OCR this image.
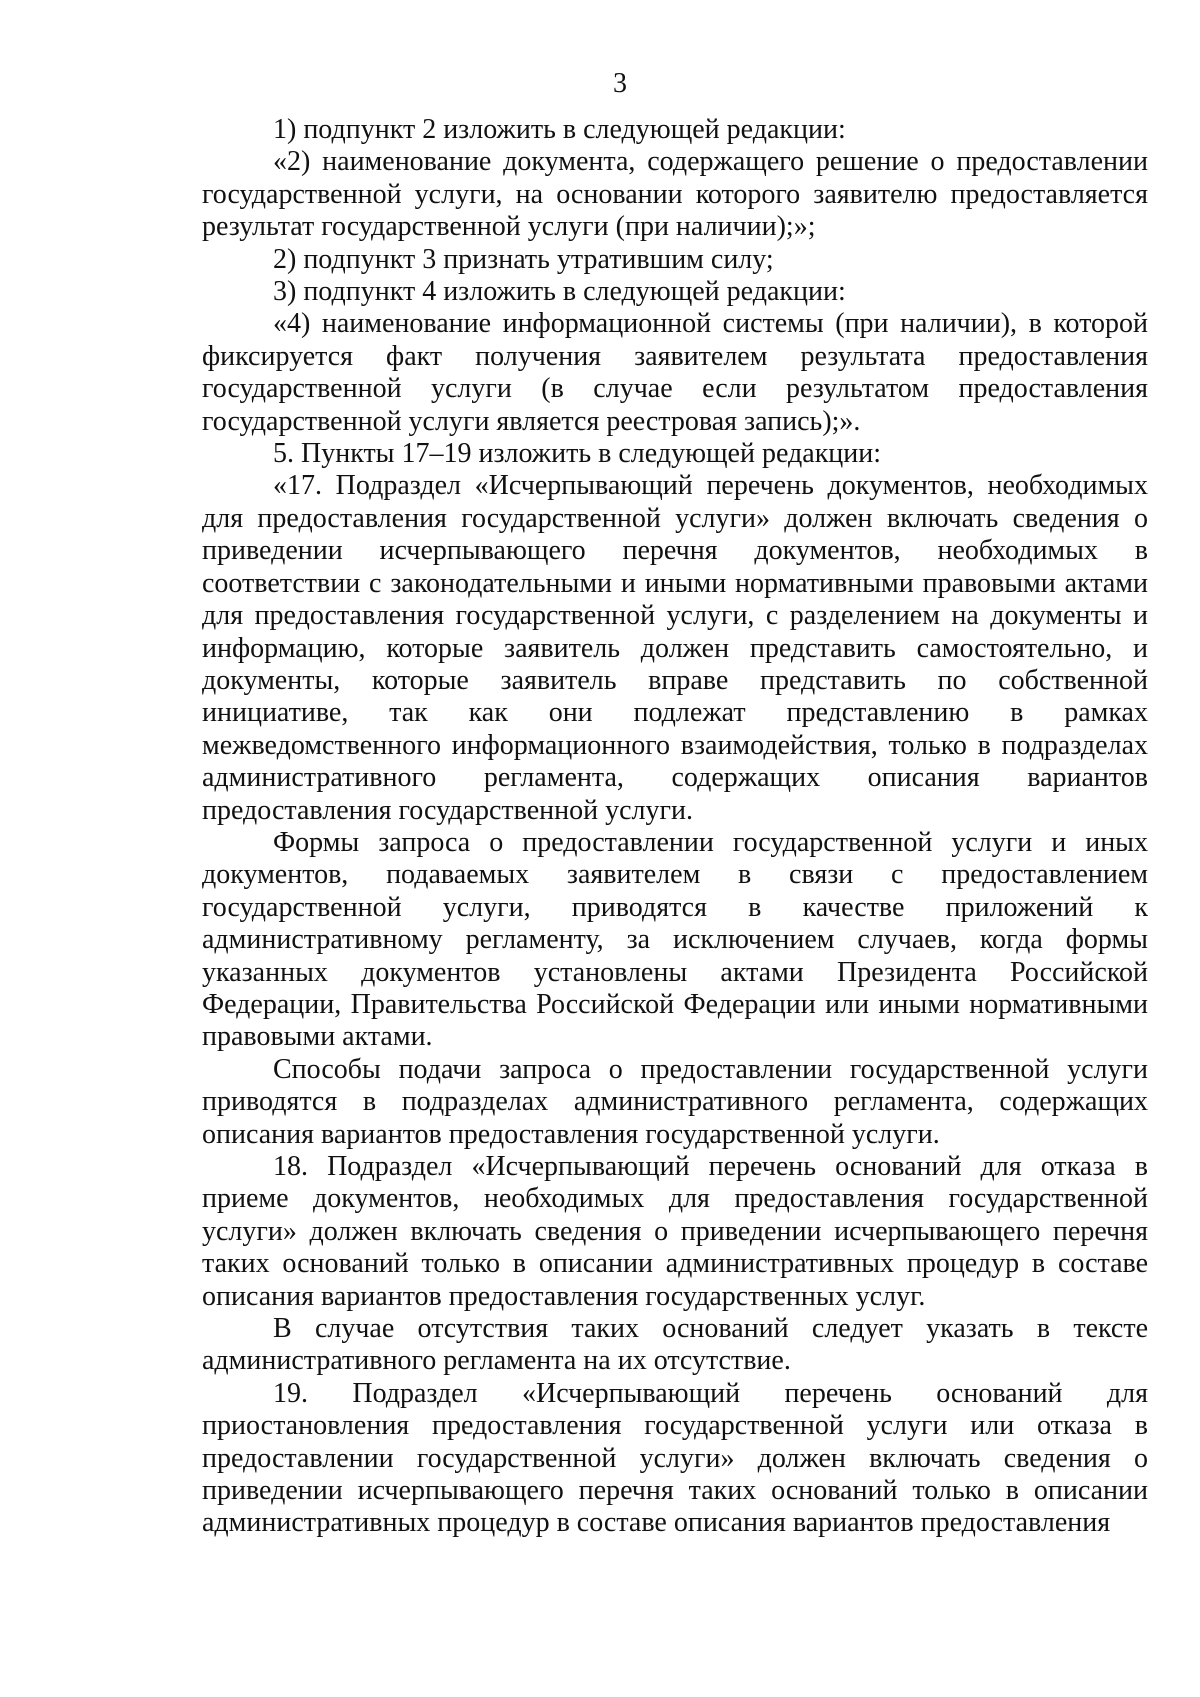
3

1) подпункт 2 изложить в следующей редакции:

«2) наименование документа, содержащего решение о предоставлении государственной услуги, на основании которого заявителю предоставляется результат государственной услуги (при наличии);»;

2) подпункт 3 признать утратившим силу;

3) подпункт 4 изложить в следующей редакции:

«4) наименование информационной системы (при наличии), в которой фиксируется факт получения заявителем результата предоставления государственной услуги (в случае если результатом предоставления государственной услуги является реестровая запись);».

5. Пункты 17–19 изложить в следующей редакции:

«17. Подраздел «Исчерпывающий перечень документов, необходимых для предоставления государственной услуги» должен включать сведения о приведении исчерпывающего перечня документов, необходимых в соответствии с законодательными и иными нормативными правовыми актами для предоставления государственной услуги, с разделением на документы и информацию, которые заявитель должен представить самостоятельно, и документы, которые заявитель вправе представить по собственной инициативе, так как они подлежат представлению в рамках межведомственного информационного взаимодействия, только в подразделах административного регламента, содержащих описания вариантов предоставления государственной услуги.

Формы запроса о предоставлении государственной услуги и иных документов, подаваемых заявителем в связи с предоставлением государственной услуги, приводятся в качестве приложений к административному регламенту, за исключением случаев, когда формы указанных документов установлены актами Президента Российской Федерации, Правительства Российской Федерации или иными нормативными правовыми актами.

Способы подачи запроса о предоставлении государственной услуги приводятся в подразделах административного регламента, содержащих описания вариантов предоставления государственной услуги.

18. Подраздел «Исчерпывающий перечень оснований для отказа в приеме документов, необходимых для предоставления государственной услуги» должен включать сведения о приведении исчерпывающего перечня таких оснований только в описании административных процедур в составе описания вариантов предоставления государственных услуг.

В случае отсутствия таких оснований следует указать в тексте административного регламента на их отсутствие.

19. Подраздел «Исчерпывающий перечень оснований для приостановления предоставления государственной услуги или отказа в предоставлении государственной услуги» должен включать сведения о приведении исчерпывающего перечня таких оснований только в описании административных процедур в составе описания вариантов предоставления
